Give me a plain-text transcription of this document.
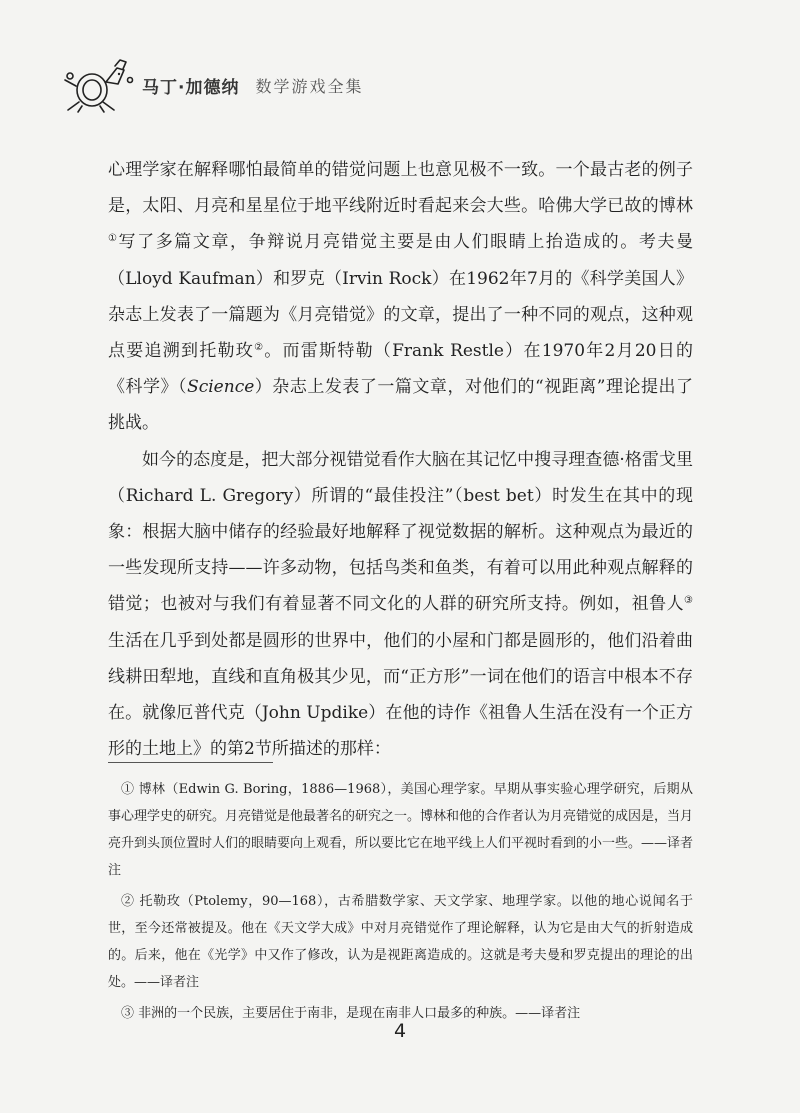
马丁·加德纳 数学游戏全集

心理学家在解释哪怕最简单的错觉问题上也意见极不一致。一个最古老的例子是，太阳、月亮和星星位于地平线附近时看起来会大些。哈佛大学已故的博林①写了多篇文章，争辩说月亮错觉主要是由人们眼睛上抬造成的。考夫曼（Lloyd Kaufman）和罗克（Irvin Rock）在1962年7月的《科学美国人》杂志上发表了一篇题为《月亮错觉》的文章，提出了一种不同的观点，这种观点要追溯到托勒玫②。而雷斯特勒（Frank Restle）在1970年2月20日的《科学》（Science）杂志上发表了一篇文章，对他们的“视距离”理论提出了挑战。

如今的态度是，把大部分视错觉看作大脑在其记忆中搜寻理查德·格雷戈里（Richard L. Gregory）所谓的“最佳投注”（best bet）时发生在其中的现象：根据大脑中储存的经验最好地解释了视觉数据的解析。这种观点为最近的一些发现所支持——许多动物，包括鸟类和鱼类，有着可以用此种观点解释的错觉；也被对与我们有着显著不同文化的人群的研究所支持。例如，祖鲁人③生活在几乎到处都是圆形的世界中，他们的小屋和门都是圆形的，他们沿着曲线耕田犁地，直线和直角极其少见，而“正方形”一词在他们的语言中根本不存在。就像厄普代克（John Updike）在他的诗作《祖鲁人生活在没有一个正方形的土地上》的第2节所描述的那样：

① 博林（Edwin G. Boring，1886—1968），美国心理学家。早期从事实验心理学研究，后期从事心理学史的研究。月亮错觉是他最著名的研究之一。博林和他的合作者认为月亮错觉的成因是，当月亮升到头顶位置时人们的眼睛要向上观看，所以要比它在地平线上人们平视时看到的小一些。——译者注

② 托勒玫（Ptolemy，90—168），古希腊数学家、天文学家、地理学家。以他的地心说闻名于世，至今还常被提及。他在《天文学大成》中对月亮错觉作了理论解释，认为它是由大气的折射造成的。后来，他在《光学》中又作了修改，认为是视距离造成的。这就是考夫曼和罗克提出的理论的出处。——译者注

③ 非洲的一个民族，主要居住于南非，是现在南非人口最多的种族。——译者注

4
